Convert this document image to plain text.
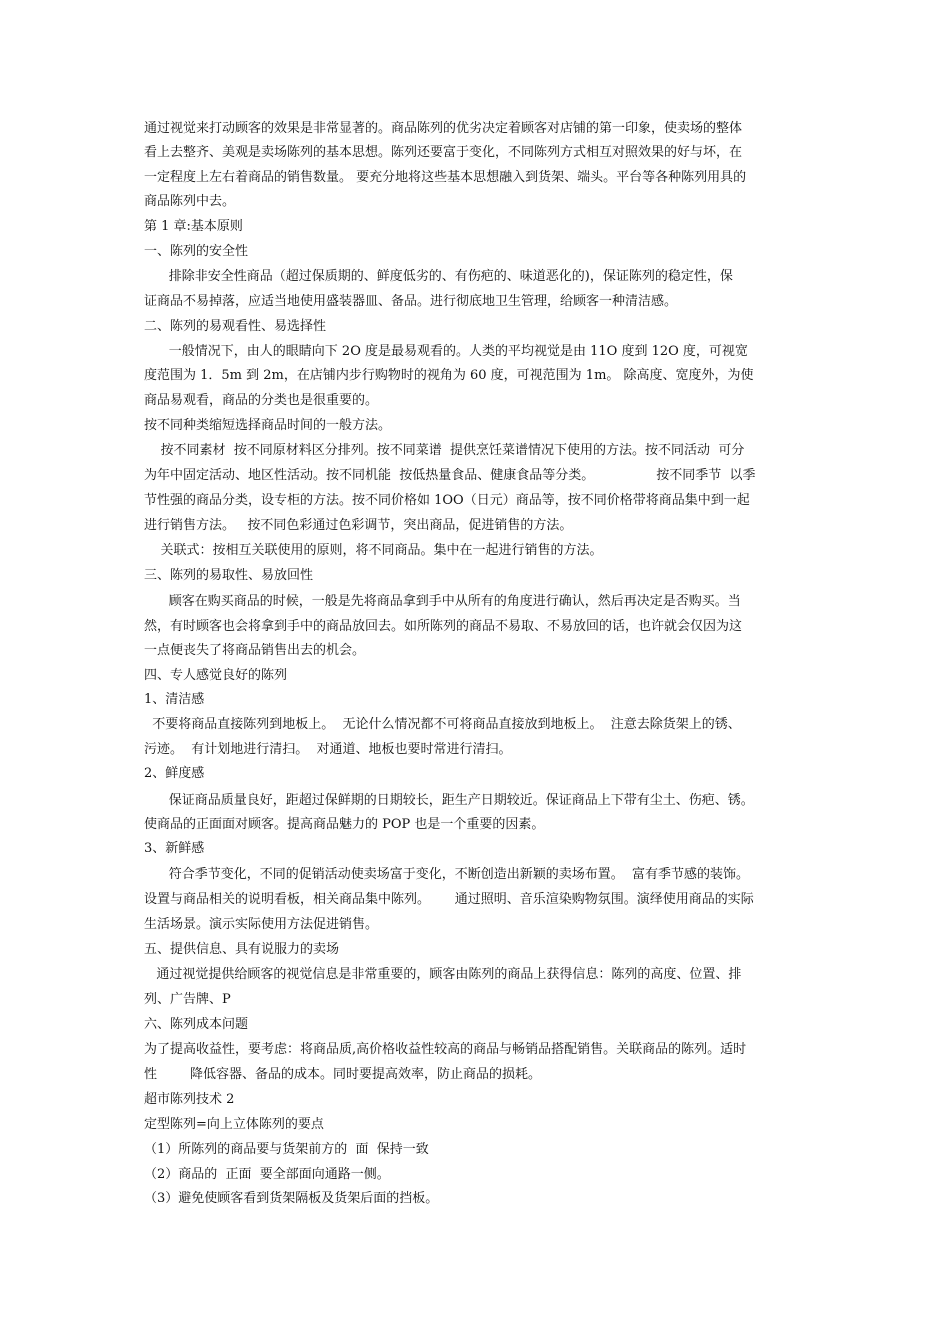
通过视觉来打动顾客的效果是非常显著的。商品陈列的优劣决定着顾客对店铺的第一印象，使卖场的整体
看上去整齐、美观是卖场陈列的基本思想。陈列还要富于变化，不同陈列方式相互对照效果的好与坏，在
一定程度上左右着商品的销售数量。 要充分地将这些基本思想融入到货架、端头。平台等各种陈列用具的
商品陈列中去。
第 1 章:基本原则
一、陈列的安全性
排除非安全性商品（超过保质期的、鲜度低劣的、有伤疤的、味道恶化的)，保证陈列的稳定性，保
证商品不易掉落，应适当地使用盛装器皿、备品。进行彻底地卫生管理，给顾客一种清洁感。
二、陈列的易观看性、易选择性
一般情况下，由人的眼睛向下 2O 度是最易观看的。人类的平均视觉是由 11O 度到 12O 度，可视宽
度范围为 1．5m 到 2m，在店铺内步行购物时的视角为 60 度，可视范围为 1m。 除高度、宽度外，为使
商品易观看，商品的分类也是很重要的。
按不同种类缩短选择商品时间的一般方法。
按不同素材  按不同原材料区分排列。按不同菜谱  提供烹饪菜谱情况下使用的方法。按不同活动  可分
为年中固定活动、地区性活动。按不同机能  按低热量食品、健康食品等分类。               按不同季节  以季
节性强的商品分类，设专柜的方法。按不同价格如 1OO（日元）商品等，按不同价格带将商品集中到一起
进行销售方法。   按不同色彩通过色彩调节，突出商品，促进销售的方法。
关联式：按相互关联使用的原则，将不同商品。集中在一起进行销售的方法。
三、陈列的易取性、易放回性
顾客在购买商品的时候，一般是先将商品拿到手中从所有的角度进行确认，然后再决定是否购买。当
然，有时顾客也会将拿到手中的商品放回去。如所陈列的商品不易取、不易放回的话，也许就会仅因为这
一点便丧失了将商品销售出去的机会。
四、专人感觉良好的陈列
1、清洁感
不要将商品直接陈列到地板上。  无论什么情况都不可将商品直接放到地板上。  注意去除货架上的锈、
污迹。  有计划地进行清扫。  对通道、地板也要时常进行清扫。
2、鲜度感
保证商品质量良好，距超过保鲜期的日期较长，距生产日期较近。保证商品上下带有尘土、伤疤、锈。
使商品的正面面对顾客。提高商品魅力的 POP 也是一个重要的因素。
3、新鲜感
符合季节变化，不同的促销活动使卖场富于变化，不断创造出新颖的卖场布置。  富有季节感的装饰。
设置与商品相关的说明看板，相关商品集中陈列。      通过照明、音乐渲染购物氛围。演绎使用商品的实际
生活场景。演示实际使用方法促进销售。
五、提供信息、具有说服力的卖场
通过视觉提供给顾客的视觉信息是非常重要的，顾客由陈列的商品上获得信息：陈列的高度、位置、排
列、广告牌、P
六、陈列成本问题
为了提高收益性，要考虑：将商品质,高价格收益性较高的商品与畅销品搭配销售。关联商品的陈列。适时
性        降低容器、备品的成本。同时要提高效率，防止商品的损耗。
超市陈列技术 2
定型陈列=向上立体陈列的要点
（1）所陈列的商品要与货架前方的  面  保持一致
（2）商品的  正面  要全部面向通路一侧。
（3）避免使顾客看到货架隔板及货架后面的挡板。
